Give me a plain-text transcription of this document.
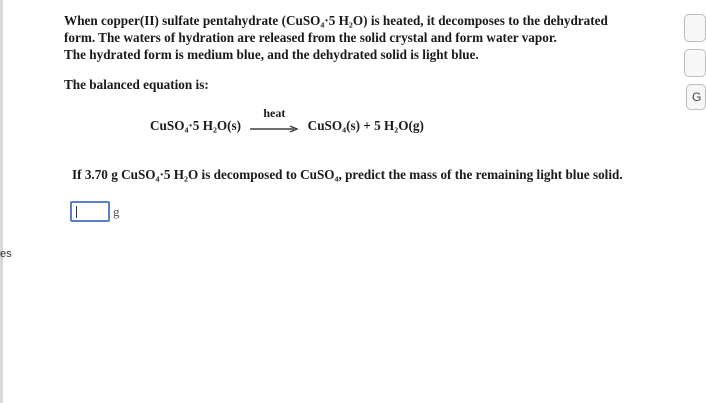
es
G

When copper(II) sulfate pentahydrate (CuSO₄·5 H₂O) is heated, it decomposes to the dehydrated

form. The waters of hydration are released from the solid crystal and form water vapor.

The hydrated form is medium blue, and the dehydrated solid is light blue.

The balanced equation is:

CuSO₄·5 H₂O(s)
heat
CuSO₄(s) + 5 H₂O(g)
If 3.70 g CuSO₄·5 H₂O is decomposed to CuSO₄, predict the mass of the remaining light blue solid.
g
